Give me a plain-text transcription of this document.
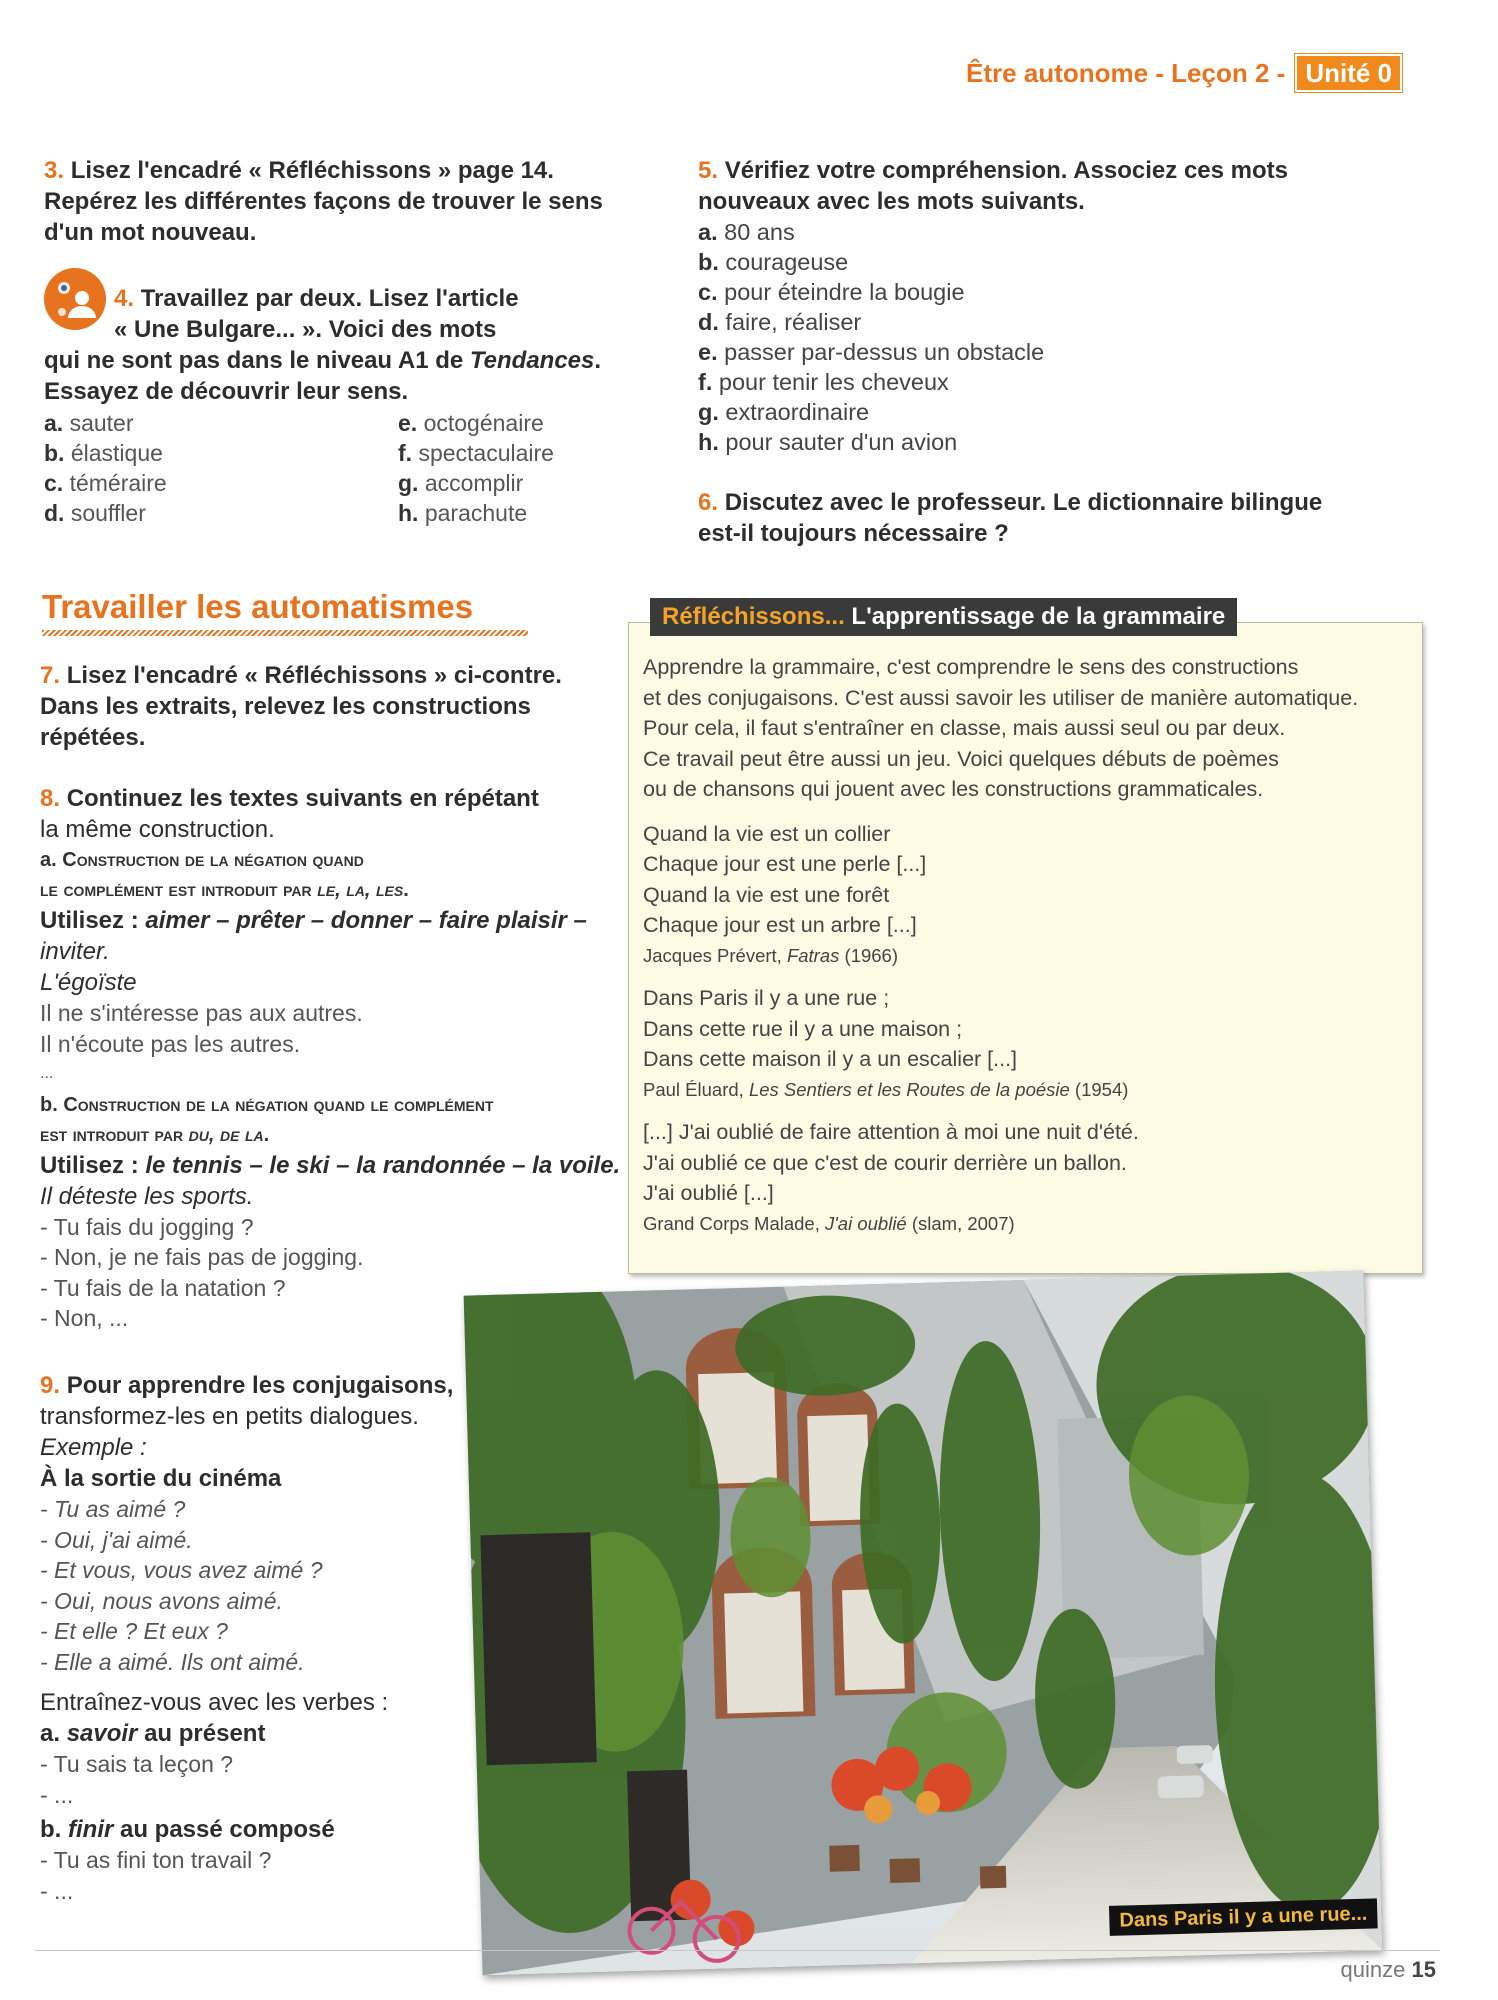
Être autonome - Leçon 2 - Unité 0
3. Lisez l'encadré « Réfléchissons » page 14.
Repérez les différentes façons de trouver le sens
d'un mot nouveau.
4. Travaillez par deux. Lisez l'article
« Une Bulgare... ». Voici des mots
qui ne sont pas dans le niveau A1 de Tendances.
Essayez de découvrir leur sens.
a. sauter
b. élastique
c. téméraire
d. souffler
e. octogénaire
f. spectaculaire
g. accomplir
h. parachute
5. Vérifiez votre compréhension. Associez ces mots
nouveaux avec les mots suivants.
a. 80 ans
b. courageuse
c. pour éteindre la bougie
d. faire, réaliser
e. passer par-dessus un obstacle
f. pour tenir les cheveux
g. extraordinaire
h. pour sauter d'un avion
6. Discutez avec le professeur. Le dictionnaire bilingue
est-il toujours nécessaire ?
Travailler les automatismes
7. Lisez l'encadré « Réfléchissons » ci-contre.
Dans les extraits, relevez les constructions
répétées.
8. Continuez les textes suivants en répétant
la même construction.
a. Construction de la négation quand
le complément est introduit par le, la, les.
Utilisez : aimer – prêter – donner – faire plaisir –
inviter.
L'égoïste
Il ne s'intéresse pas aux autres.
Il n'écoute pas les autres.
...
b. Construction de la négation quand le complément
est introduit par du, de la.
Utilisez : le tennis – le ski – la randonnée – la voile.
Il déteste les sports.
- Tu fais du jogging ?
- Non, je ne fais pas de jogging.
- Tu fais de la natation ?
- Non, ...
9. Pour apprendre les conjugaisons,
transformez-les en petits dialogues.
Exemple :
À la sortie du cinéma
- Tu as aimé ?
- Oui, j'ai aimé.
- Et vous, vous avez aimé ?
- Oui, nous avons aimé.
- Et elle ? Et eux ?
- Elle a aimé. Ils ont aimé.
Entraînez-vous avec les verbes :
a. savoir au présent
- Tu sais ta leçon ?
- ...
b. finir au passé composé
- Tu as fini ton travail ?
- ...
Réfléchissons... L'apprentissage de la grammaire
Apprendre la grammaire, c'est comprendre le sens des constructions
et des conjugaisons. C'est aussi savoir les utiliser de manière automatique.
Pour cela, il faut s'entraîner en classe, mais aussi seul ou par deux.
Ce travail peut être aussi un jeu. Voici quelques débuts de poèmes
ou de chansons qui jouent avec les constructions grammaticales.
Quand la vie est un collier
Chaque jour est une perle [...]
Quand la vie est une forêt
Chaque jour est un arbre [...]
Jacques Prévert, Fatras (1966)
Dans Paris il y a une rue ;
Dans cette rue il y a une maison ;
Dans cette maison il y a un escalier [...]
Paul Éluard, Les Sentiers et les Routes de la poésie (1954)
[...] J'ai oublié de faire attention à moi une nuit d'été.
J'ai oublié ce que c'est de courir derrière un ballon.
J'ai oublié [...]
Grand Corps Malade, J'ai oublié (slam, 2007)
Dans Paris il y a une rue...
quinze 15
